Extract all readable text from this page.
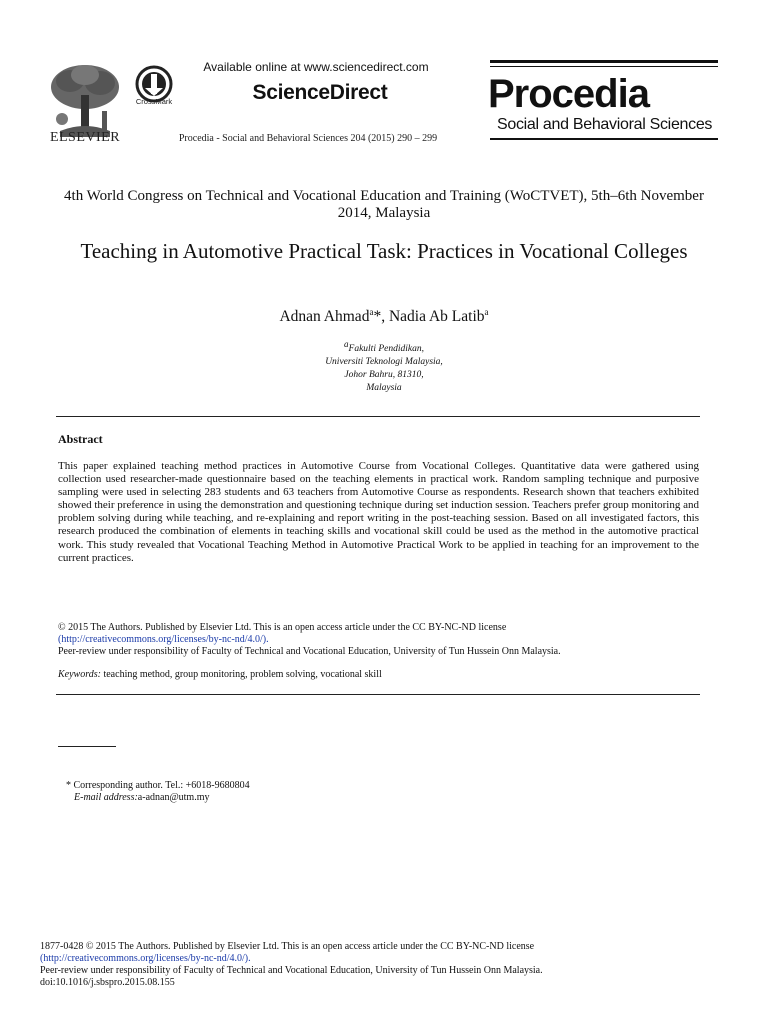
ELSEVIER
CrossMark
Available online at www.sciencedirect.com
ScienceDirect
Procedia - Social and Behavioral Sciences 204 (2015) 290 – 299
Procedia
Social and Behavioral Sciences
4th World Congress on Technical and Vocational Education and Training (WoCTVET), 5th–6th November 2014, Malaysia
Teaching in Automotive Practical Task: Practices in Vocational Colleges
Adnan Ahmad$^a$*, Nadia Ab Latib$^a$
$^a$Fakulti Pendidikan,
Universiti Teknologi Malaysia,
Johor Bahru, 81310,
Malaysia
Abstract
This paper explained teaching method practices in Automotive Course from Vocational Colleges. Quantitative data were gathered using collection used researcher-made questionnaire based on the teaching elements in practical work. Random sampling technique and purposive sampling were used in selecting 283 students and 63 teachers from Automotive Course as respondents. Research shown that teachers exhibited showed their preference in using the demonstration and questioning technique during set induction session. Teachers prefer group monitoring and problem solving during while teaching, and re-explaining and report writing in the post-teaching session. Based on all investigated factors, this research produced the combination of elements in teaching skills and vocational skill could be used as the method in the automotive practical work. This study revealed that Vocational Teaching Method in Automotive Practical Work to be applied in teaching for an improvement to the current practices.
© 2015 The Authors. Published by Elsevier Ltd. This is an open access article under the CC BY-NC-ND license
(http://creativecommons.org/licenses/by-nc-nd/4.0/).
Peer-review under responsibility of Faculty of Technical and Vocational Education, University of Tun Hussein Onn Malaysia.
Keywords: teaching method, group monitoring, problem solving, vocational skill
* Corresponding author. Tel.: +6018-9680804
E-mail address:a-adnan@utm.my
1877-0428 © 2015 The Authors. Published by Elsevier Ltd. This is an open access article under the CC BY-NC-ND license
(http://creativecommons.org/licenses/by-nc-nd/4.0/).
Peer-review under responsibility of Faculty of Technical and Vocational Education, University of Tun Hussein Onn Malaysia.
doi:10.1016/j.sbspro.2015.08.155
